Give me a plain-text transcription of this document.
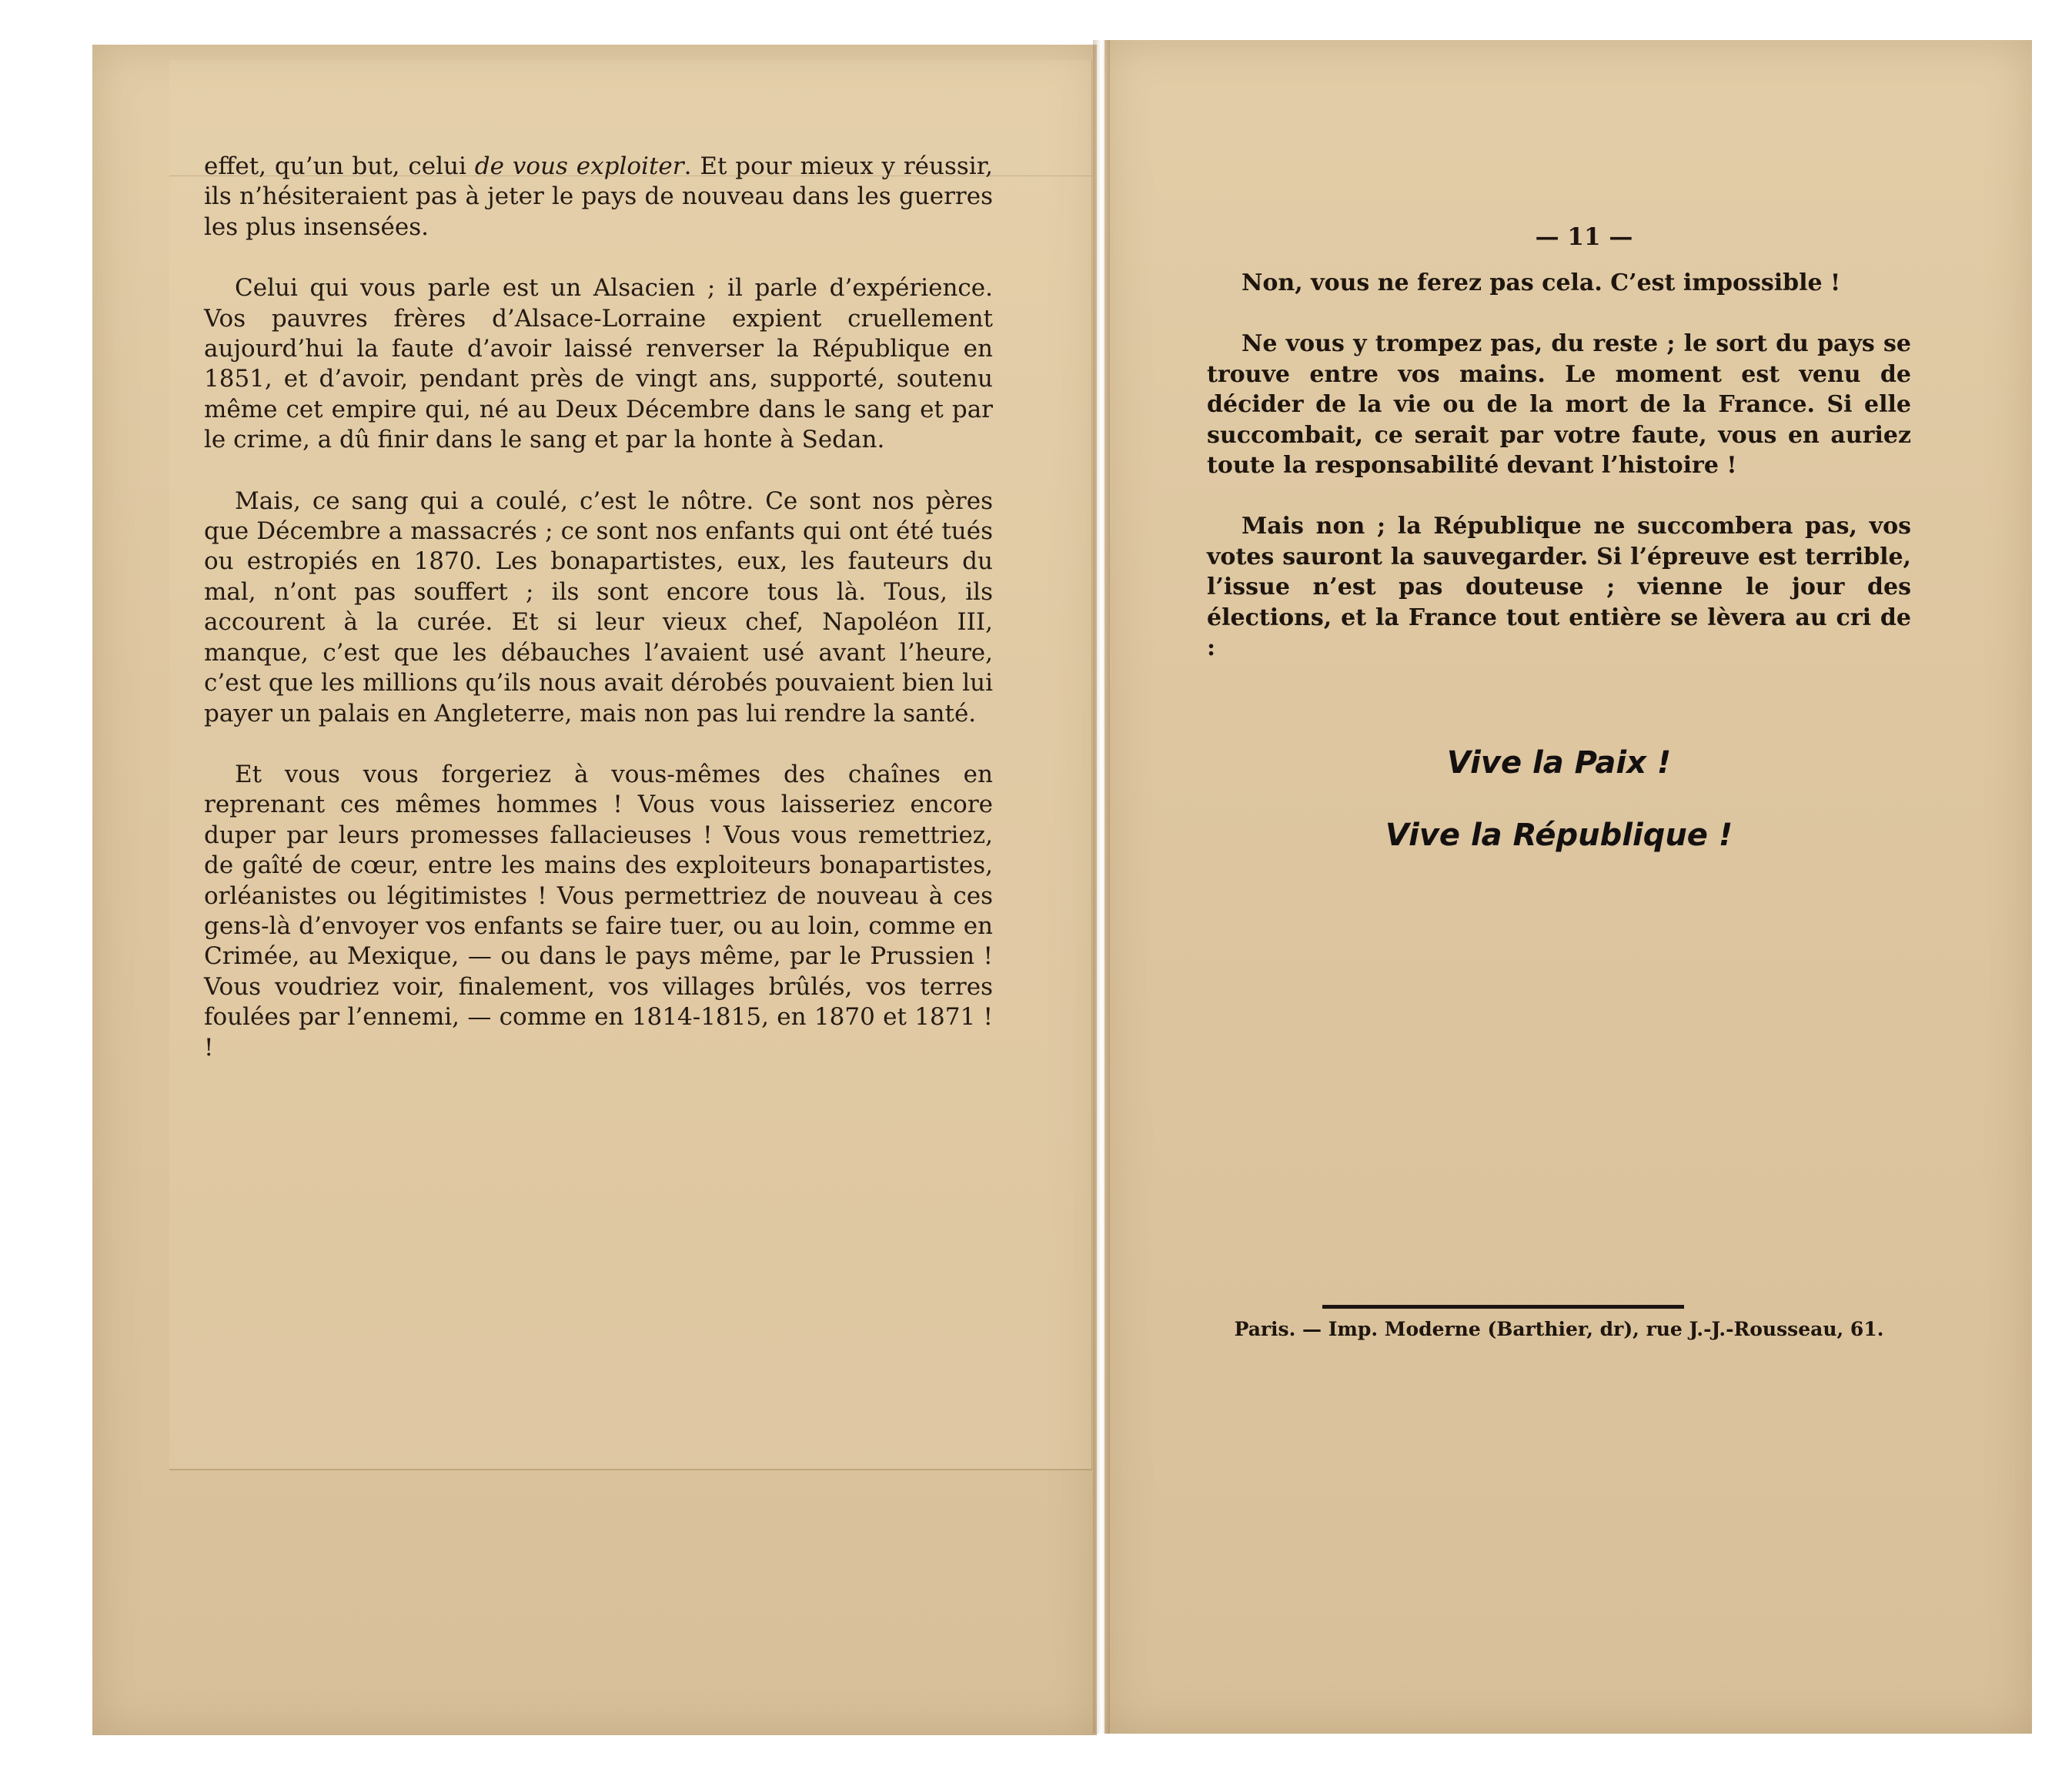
effet, qu’un but, celui de vous exploiter. Et pour mieux y réussir, ils n’hésiteraient pas à jeter le pays de nouveau dans les guerres les plus insensées.

Celui qui vous parle est un Alsacien ; il parle d’expérience. Vos pauvres frères d’Alsace-Lorraine expient cruellement aujourd’hui la faute d’avoir laissé renverser la République en 1851, et d’avoir, pendant près de vingt ans, supporté, soutenu même cet empire qui, né au Deux Décembre dans le sang et par le crime, a dû finir dans le sang et par la honte à Sedan.

Mais, ce sang qui a coulé, c’est le nôtre. Ce sont nos pères que Décembre a massacrés ; ce sont nos enfants qui ont été tués ou estropiés en 1870. Les bonapartistes, eux, les fauteurs du mal, n’ont pas souffert ; ils sont encore tous là. Tous, ils accourent à la curée. Et si leur vieux chef, Napoléon III, manque, c’est que les débauches l’avaient usé avant l’heure, c’est que les millions qu’ils nous avait dérobés pouvaient bien lui payer un palais en Angleterre, mais non pas lui rendre la santé.

Et vous vous forgeriez à vous-mêmes des chaînes en reprenant ces mêmes hommes ! Vous vous laisseriez encore duper par leurs promesses fallacieuses ! Vous vous remettriez, de gaîté de cœur, entre les mains des exploiteurs bonapartistes, orléanistes ou légitimistes ! Vous permettriez de nouveau à ces gens-là d’envoyer vos enfants se faire tuer, ou au loin, comme en Crimée, au Mexique, — ou dans le pays même, par le Prussien ! Vous voudriez voir, finalement, vos villages brûlés, vos terres foulées par l’ennemi, — comme en 1814-1815, en 1870 et 1871 ! !

— 11 —

Non, vous ne ferez pas cela. C’est impossible !

Ne vous y trompez pas, du reste ; le sort du pays se trouve entre vos mains. Le moment est venu de décider de la vie ou de la mort de la France. Si elle succombait, ce serait par votre faute, vous en auriez toute la responsabilité devant l’histoire !

Mais non ; la République ne succombera pas, vos votes sauront la sauvegarder. Si l’épreuve est terrible, l’issue n’est pas douteuse ; vienne le jour des élections, et la France tout entière se lèvera au cri de :

Vive la Paix !
Vive la République !
Paris. — Imp. Moderne (Barthier, dr), rue J.-J.-Rousseau, 61.
